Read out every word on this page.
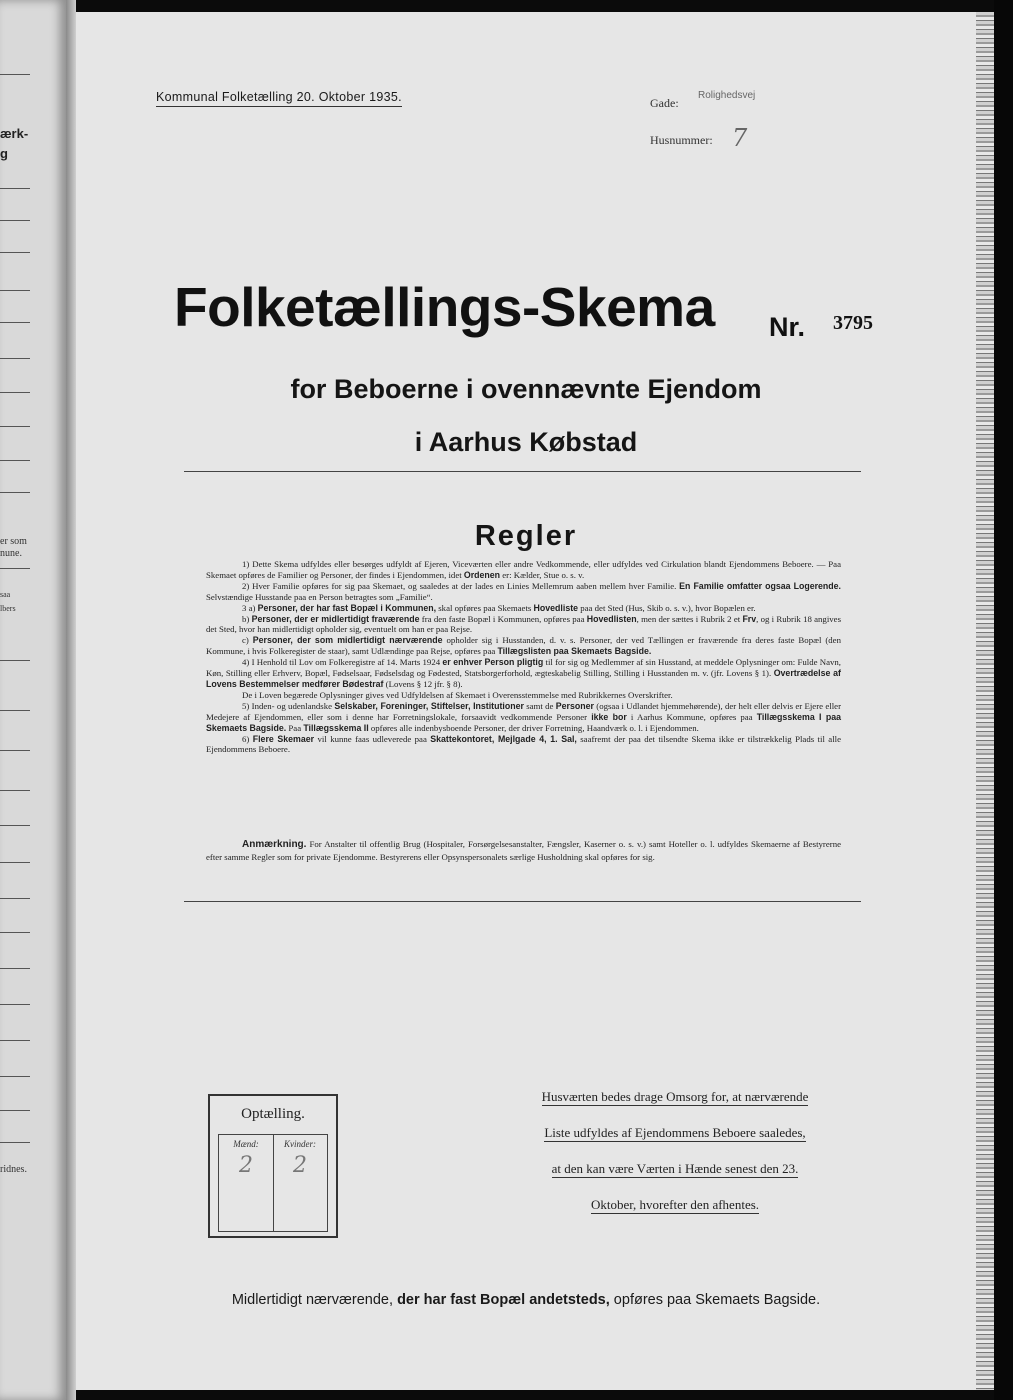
ærk-
g
er som
nune.
saa
lbers
ridnes.
Kommunal Folketælling 20. Oktober 1935.	Gade:
Rolighedsvej
Husnummer: 7
Folketællings-Skema Nr. 3795
for Beboerne i ovennævnte Ejendom
i Aarhus Købstad
Regler

1) Dette Skema udfyldes eller besørges udfyldt af Ejeren, Viceværten eller andre Vedkommende, eller udfyldes ved Cirkulation blandt Ejendommens Beboere. — Paa Skemaet opføres de Familier og Personer, der findes i Ejendommen, idet Ordenen er: Kælder, Stue o. s. v.

2) Hver Familie opføres for sig paa Skemaet, og saaledes at der lades en Linies Mellemrum aaben mellem hver Familie. En Familie omfatter ogsaa Logerende. Selvstændige Husstande paa en Person betragtes som „Familie“.

3 a) Personer, der har fast Bopæl i Kommunen, skal opføres paa Skemaets Hovedliste paa det Sted (Hus, Skib o. s. v.), hvor Bopælen er.

b) Personer, der er midlertidigt fraværende fra den faste Bopæl i Kommunen, opføres paa Hovedlisten, men der sættes i Rubrik 2 et Frv, og i Rubrik 18 angives det Sted, hvor han midlertidigt opholder sig, eventuelt om han er paa Rejse.

c) Personer, der som midlertidigt nærværende opholder sig i Husstanden, d. v. s. Personer, der ved Tællingen er fraværende fra deres faste Bopæl (den Kommune, i hvis Folkeregister de staar), samt Udlændinge paa Rejse, opføres paa Tillægslisten paa Skemaets Bagside.

4) I Henhold til Lov om Folkeregistre af 14. Marts 1924 er enhver Person pligtig til for sig og Medlemmer af sin Husstand, at meddele Oplysninger om: Fulde Navn, Køn, Stilling eller Erhverv, Bopæl, Fødselsaar, Fødselsdag og Fødested, Statsborgerforhold, ægteskabelig Stilling, Stilling i Husstanden m. v. (jfr. Lovens § 1). Overtrædelse af Lovens Bestemmelser medfører Bødestraf (Lovens § 12 jfr. § 8).

De i Loven begærede Oplysninger gives ved Udfyldelsen af Skemaet i Overensstemmelse med Rubrikkernes Overskrifter.

5) Inden- og udenlandske Selskaber, Foreninger, Stiftelser, Institutioner samt de Personer (ogsaa i Udlandet hjemmehørende), der helt eller delvis er Ejere eller Medejere af Ejendommen, eller som i denne har Forretningslokale, forsaavidt vedkommende Personer ikke bor i Aarhus Kommune, opføres paa Tillægsskema I paa Skemaets Bagside. Paa Tillægsskema II opføres alle indenbysboende Personer, der driver Forretning, Haandværk o. l. i Ejendommen.

6) Flere Skemaer vil kunne faas udleverede paa Skattekontoret, Mejlgade 4, 1. Sal, saafremt der paa det tilsendte Skema ikke er tilstrækkelig Plads til alle Ejendommens Beboere.

Anmærkning. For Anstalter til offentlig Brug (Hospitaler, Forsørgelsesanstalter, Fængsler, Kaserner o. s. v.) samt Hoteller o. l. udfyldes Skemaerne af Bestyrerne efter samme Regler som for private Ejendomme. Bestyrerens eller Opsynspersonalets særlige Husholdning skal opføres for sig.
Optælling.
Mænd:	Kvinder:
2	2
Husværten bedes drage Omsorg for, at nærværende
Liste udfyldes af Ejendommens Beboere saaledes,
at den kan være Værten i Hænde senest den 23.
Oktober, hvorefter den afhentes.
Midlertidigt nærværende, der har fast Bopæl andetsteds, opføres paa Skemaets Bagside.
